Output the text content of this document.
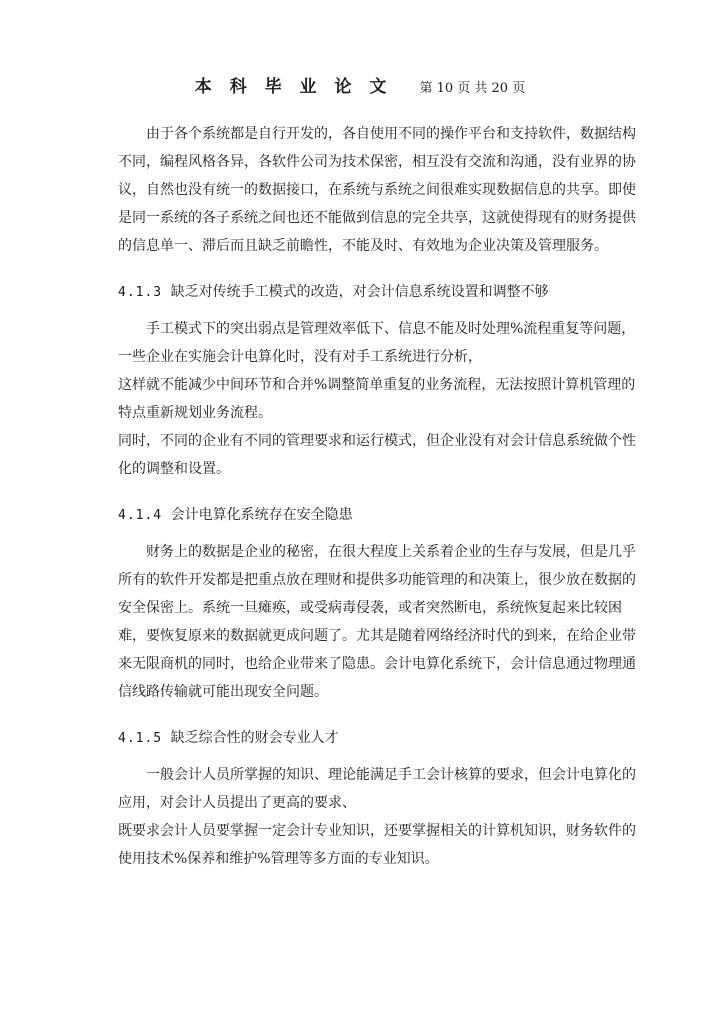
本 科 毕 业 论 文 第 10 页 共 20 页

由于各个系统都是自行开发的，各自使用不同的操作平台和支持软件，数据结构不同，编程风格各异，各软件公司为技术保密，相互没有交流和沟通，没有业界的协议，自然也没有统一的数据接口，在系统与系统之间很难实现数据信息的共享。即使是同一系统的各子系统之间也还不能做到信息的完全共享，这就使得现有的财务提供的信息单一、滞后而且缺乏前瞻性，不能及时、有效地为企业决策及管理服务。

4.1.3 缺乏对传统手工模式的改造，对会计信息系统设置和调整不够

手工模式下的突出弱点是管理效率低下、信息不能及时处理%流程重复等问题，一些企业在实施会计电算化时，没有对手工系统进行分析，

这样就不能减少中间环节和合并%调整简单重复的业务流程，无法按照计算机管理的特点重新规划业务流程。

同时，不同的企业有不同的管理要求和运行模式，但企业没有对会计信息系统做个性化的调整和设置。

4.1.4 会计电算化系统存在安全隐患

财务上的数据是企业的秘密，在很大程度上关系着企业的生存与发展，但是几乎所有的软件开发都是把重点放在理财和提供多功能管理的和决策上，很少放在数据的安全保密上。系统一旦瘫痪，或受病毒侵袭，或者突然断电，系统恢复起来比较困难，要恢复原来的数据就更成问题了。尤其是随着网络经济时代的到来，在给企业带来无限商机的同时，也给企业带来了隐患。会计电算化系统下，会计信息通过物理通信线路传输就可能出现安全问题。

4.1.5 缺乏综合性的财会专业人才

一般会计人员所掌握的知识、理论能满足手工会计核算的要求，但会计电算化的应用，对会计人员提出了更高的要求、

既要求会计人员要掌握一定会计专业知识，还要掌握相关的计算机知识，财务软件的使用技术%保养和维护%管理等多方面的专业知识。
